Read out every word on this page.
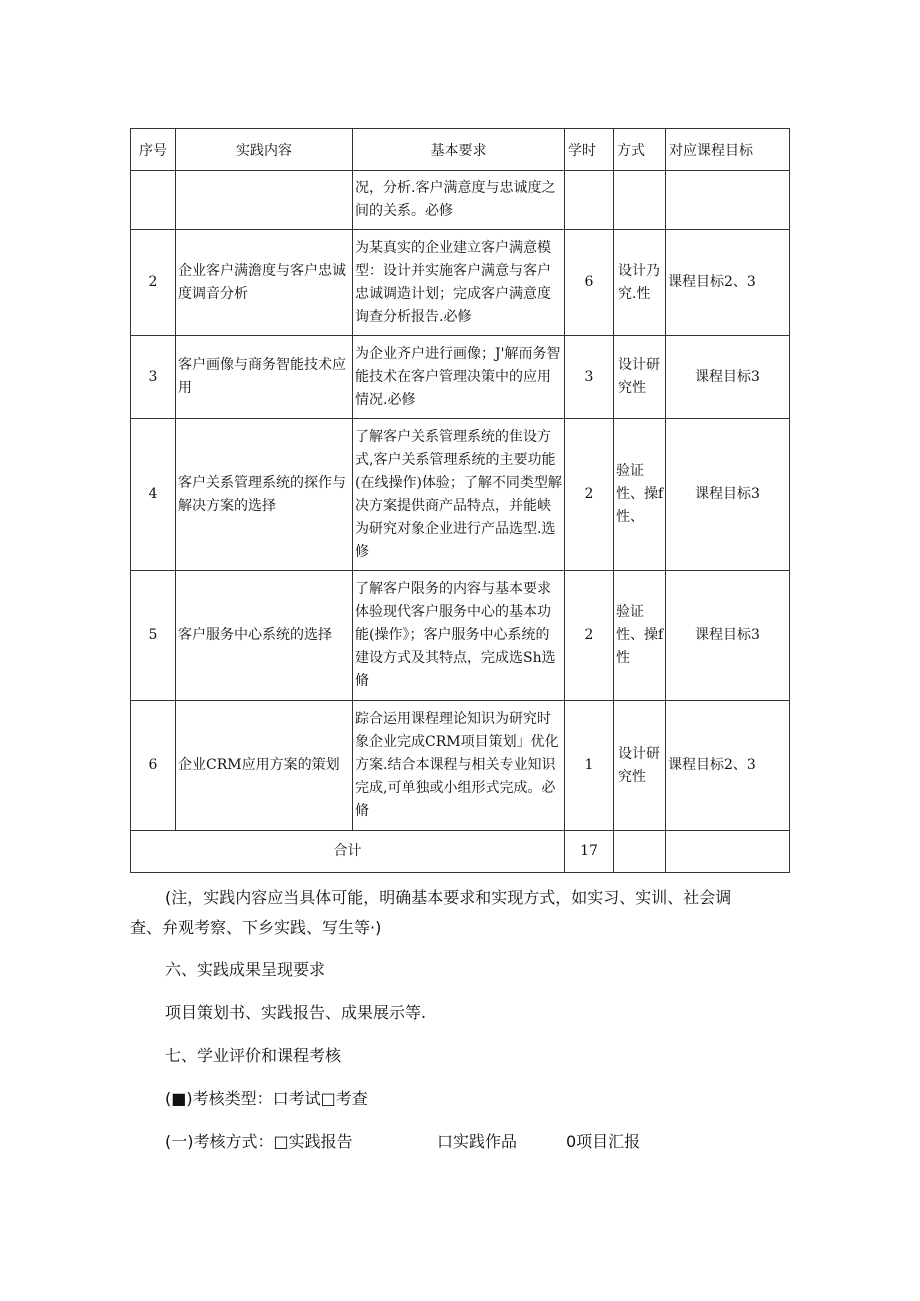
序号	实践内容	基本要求	学时	方式	对应课程目标
		况，分析.客户满意度与忠诚度之间的关系。必修			
2	企业客户满澹度与客户忠诚度调音分析	为某真实的企业建立客户满意模型：设计并实施客户满意与客户忠诚调造计划；完成客户满意度询查分析报告.必修	6	设计乃究.性	课程目标2、3
3	客户画像与商务智能技术应用	为企业齐户进行画像；J'解而务智能技术在客户管理决策中的应用情况.必修	3	设计研究性	课程目标3
4	客户关系管理系统的探作与解决方案的选择	了解客户关系管理系统的隹设方式,客户关系管理系统的主要功能(在线操作)体验；了解不同类型解决方案提供商产品特点，并能峡为研究对象企业进行产品选型.选修	2	验证性、操f性、	课程目标3
5	客户服务中心系统的选择	了解客户限务的内容与基本要求体验现代客户服务中心的基本功能(操作》；客户服务中心系统的建设方式及其特点，完成选Sh选脩	2	验证性、操f性	课程目标3
6	企业CRM应用方案的策划	踪合运用课程理论知识为研究时象企业完成CRM项目策划」优化方案.结合本课程与相关专业知识完成,可单独或小组形式完成。必脩	1	设计研究性	课程目标2、3
合计			17		
(注，实践内容应当具体可能，明确基本要求和实现方式，如实习、实训、社会调
查、弁观考察、下乡实践、写生等·)
六、实践成果呈现要求
项目策划书、实践报告、成果展示等.
七、学业评价和课程考核
(■)考核类型：口考试□考查
(一)考核方式：□实践报告	口实践作品	0项目汇报
